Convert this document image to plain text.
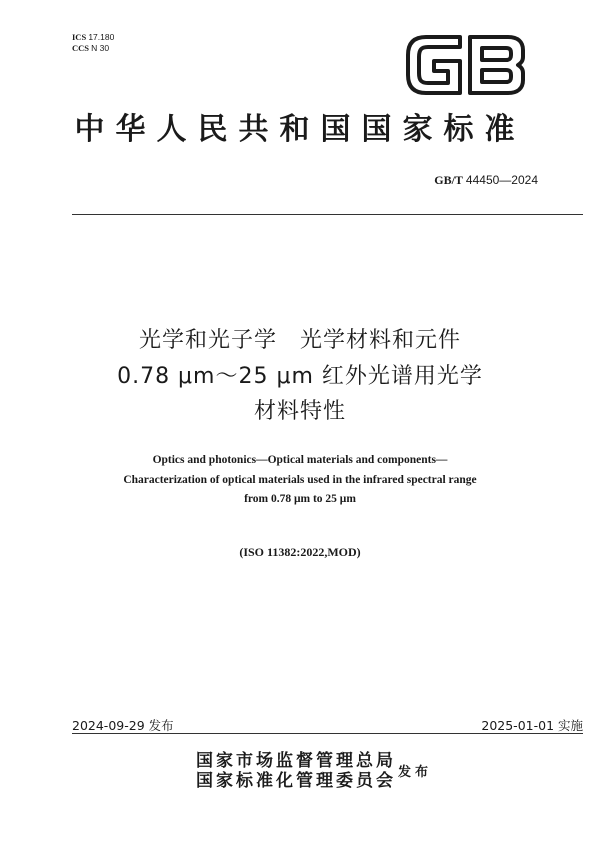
ICS 17.180
CCS N 30
中华人民共和国国家标准
GB/T 44450—2024
光学和光子学　光学材料和元件
0.78 μm～25 μm 红外光谱用光学
材料特性
Optics and photonics—Optical materials and components—
Characterization of optical materials used in the infrared spectral range
from 0.78 μm to 25 μm
(ISO 11382:2022,MOD)
2024-09-29 发布	2025-01-01 实施
国家市场监督管理总局
国家标准化管理委员会 发布
